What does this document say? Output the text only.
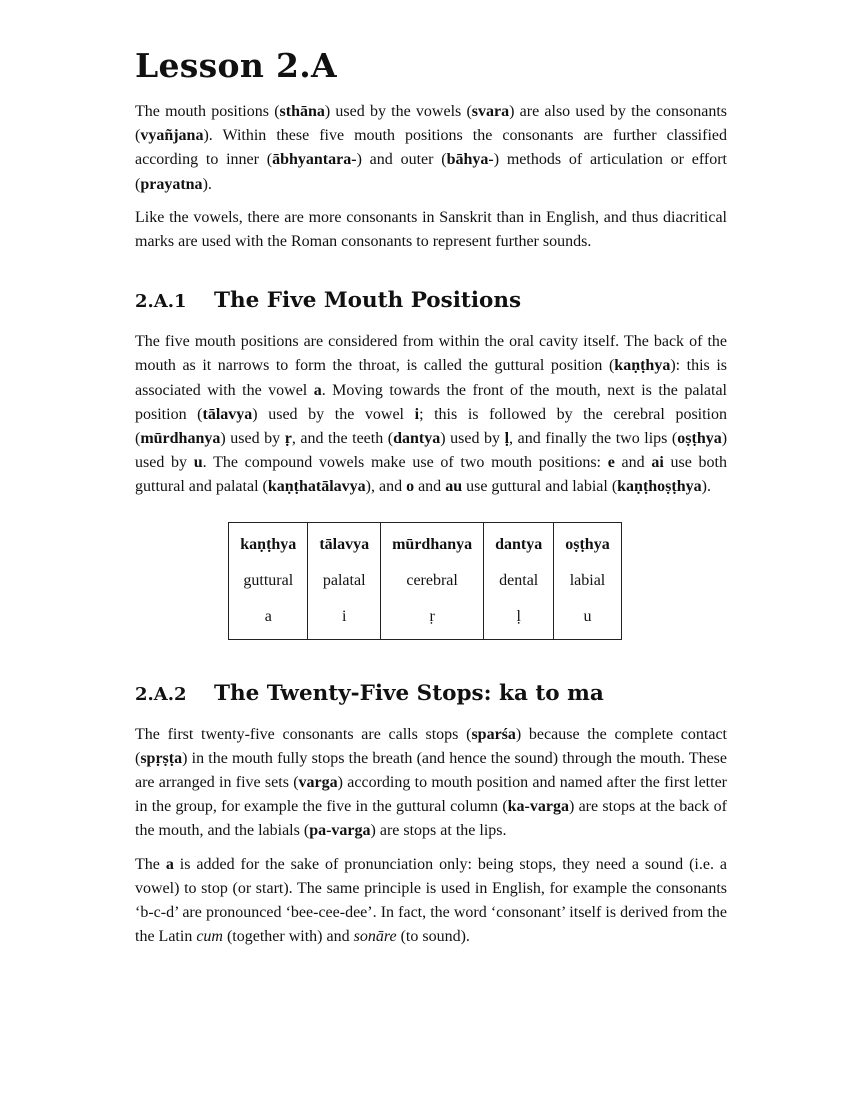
Lesson 2.A

The mouth positions (sthāna) used by the vowels (svara) are also used by the consonants (vyañjana). Within these five mouth positions the consonants are further classified according to inner (ābhyantara-) and outer (bāhya-) methods of articulation or effort (prayatna).

Like the vowels, there are more consonants in Sanskrit than in English, and thus diacritical marks are used with the Roman consonants to represent further sounds.

2.A.1	The Five Mouth Positions

The five mouth positions are considered from within the oral cavity itself. The back of the mouth as it narrows to form the throat, is called the guttural position (kaṇṭhya): this is associated with the vowel a. Moving towards the front of the mouth, next is the palatal position (tālavya) used by the vowel i; this is followed by the cerebral position (mūrdhanya) used by ṛ, and the teeth (dantya) used by ḷ, and finally the two lips (oṣṭhya) used by u. The compound vowels make use of two mouth positions: e and ai use both guttural and palatal (kaṇṭhatālavya), and o and au use guttural and labial (kaṇṭhoṣṭhya).

kaṇṭhya	tālavya	mūrdhanya	dantya	oṣṭhya
guttural	palatal	cerebral	dental	labial
a	i	ṛ	ḷ	u
2.A.2	The Twenty-Five Stops: ka to ma

The first twenty-five consonants are calls stops (sparśa) because the complete contact (spṛṣṭa) in the mouth fully stops the breath (and hence the sound) through the mouth. These are arranged in five sets (varga) according to mouth position and named after the first letter in the group, for example the five in the guttural column (ka-varga) are stops at the back of the mouth, and the labials (pa-varga) are stops at the lips.

The a is added for the sake of pronunciation only: being stops, they need a sound (i.e. a vowel) to stop (or start). The same principle is used in English, for example the consonants ‘b-c-d’ are pronounced ‘bee-cee-dee’. In fact, the word ‘consonant’ itself is derived from the the Latin cum (together with) and sonāre (to sound).
